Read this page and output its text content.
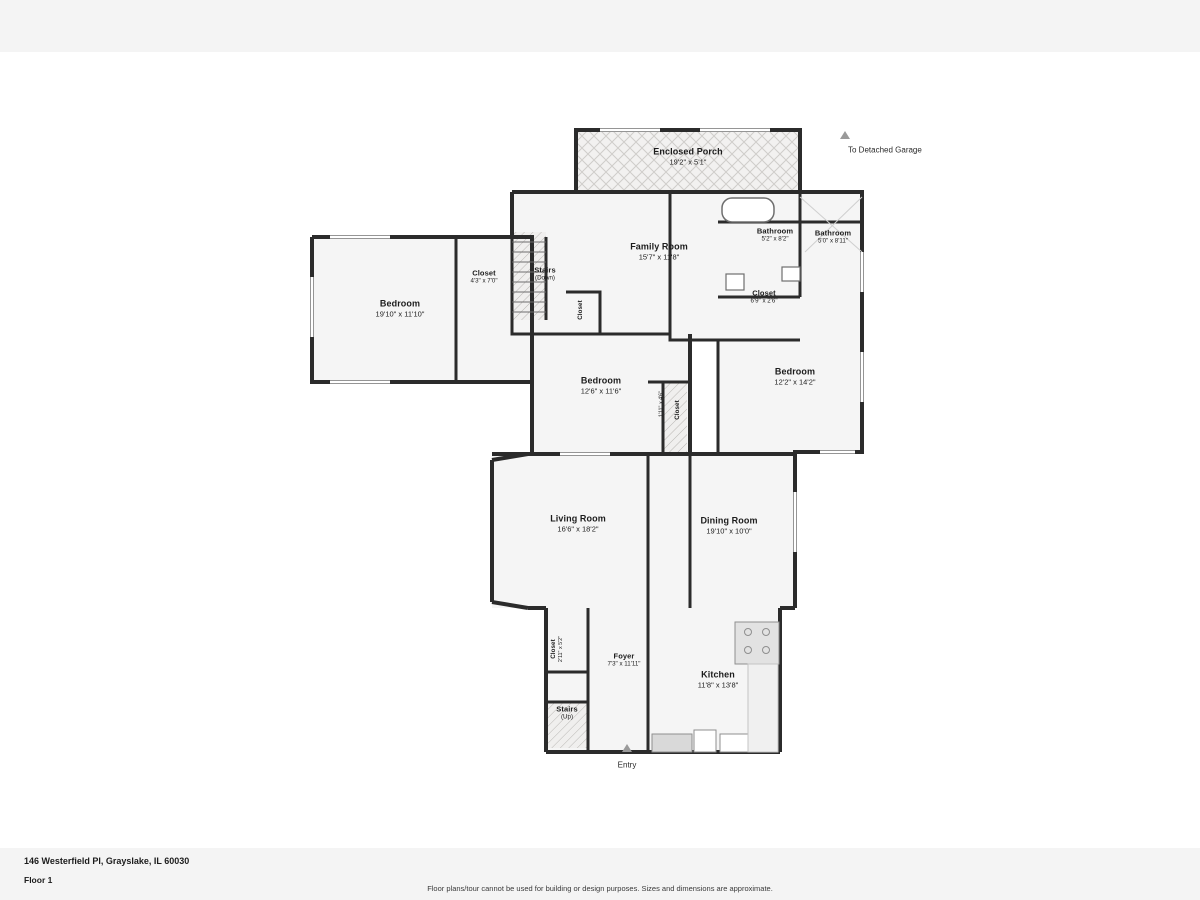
Enclosed Porch
19'2" x 5'1"
Family Room
15'7" x 11'8"
Bathroom
5'2" x 8'2"
Bathroom
5'0" x 8'11"
Closet
6'9" x 2'6"
Bedroom
12'2" x 14'2"
Closet
4'3" x 7'0"
Stairs
(Down)
Closet
Bedroom
19'10" x 11'10"
Bedroom
12'6" x 11'6"	1'11" x 4'6" Closet
Living Room
16'6" x 18'2"
Dining Room
19'10" x 10'0"
Closet 2'11" x 5'2"	Foyer
7'3" x 11'11"
Kitchen
11'8" x 13'8"
Stairs
(Up)
To Detached Garage
Entry
146 Westerfield Pl, Grayslake, IL 60030
Floor 1
Floor plans/tour cannot be used for building or design purposes. Sizes and dimensions are approximate.
